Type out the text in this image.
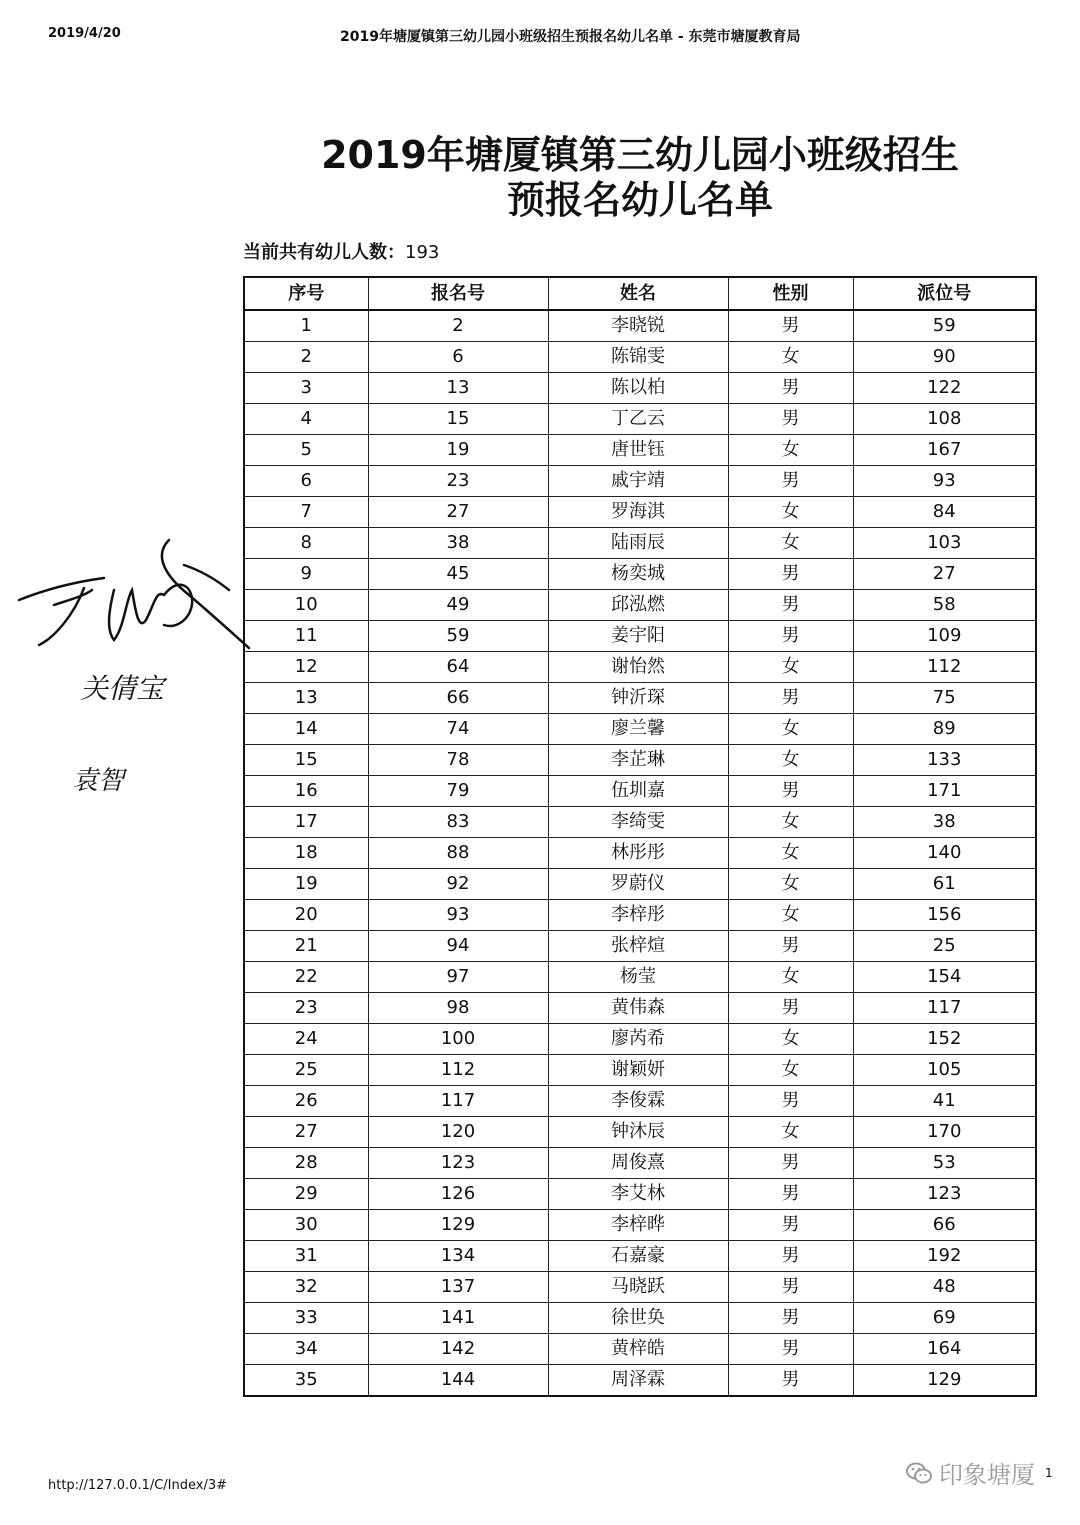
2019/4/20	2019年塘厦镇第三幼儿园小班级招生预报名幼儿名单 - 东莞市塘厦教育局
2019年塘厦镇第三幼儿园小班级招生
预报名幼儿名单
当前共有幼儿人数：193
序号	报名号	姓名	性别	派位号
1	2	李晓锐	男	59
2	6	陈锦雯	女	90
3	13	陈以柏	男	122
4	15	丁乙云	男	108
5	19	唐世钰	女	167
6	23	戚宇靖	男	93
7	27	罗海淇	女	84
8	38	陆雨辰	女	103
9	45	杨奕城	男	27
10	49	邱泓燃	男	58
11	59	姜宇阳	男	109
12	64	谢怡然	女	112
13	66	钟沂琛	男	75
14	74	廖兰馨	女	89
15	78	李芷琳	女	133
16	79	伍圳嘉	男	171
17	83	李绮雯	女	38
18	88	林彤彤	女	140
19	92	罗蔚仪	女	61
20	93	李梓彤	女	156
21	94	张梓煊	男	25
22	97	杨莹	女	154
23	98	黄伟森	男	117
24	100	廖芮希	女	152
25	112	谢颖妍	女	105
26	117	李俊霖	男	41
27	120	钟沐辰	女	170
28	123	周俊熹	男	53
29	126	李艾林	男	123
30	129	李梓晔	男	66
31	134	石嘉豪	男	192
32	137	马晓跃	男	48
33	141	徐世奂	男	69
34	142	黄梓皓	男	164
35	144	周泽霖	男	129
关倩宝
袁智
http://127.0.0.1/C/Index/3#	印象塘厦 1
